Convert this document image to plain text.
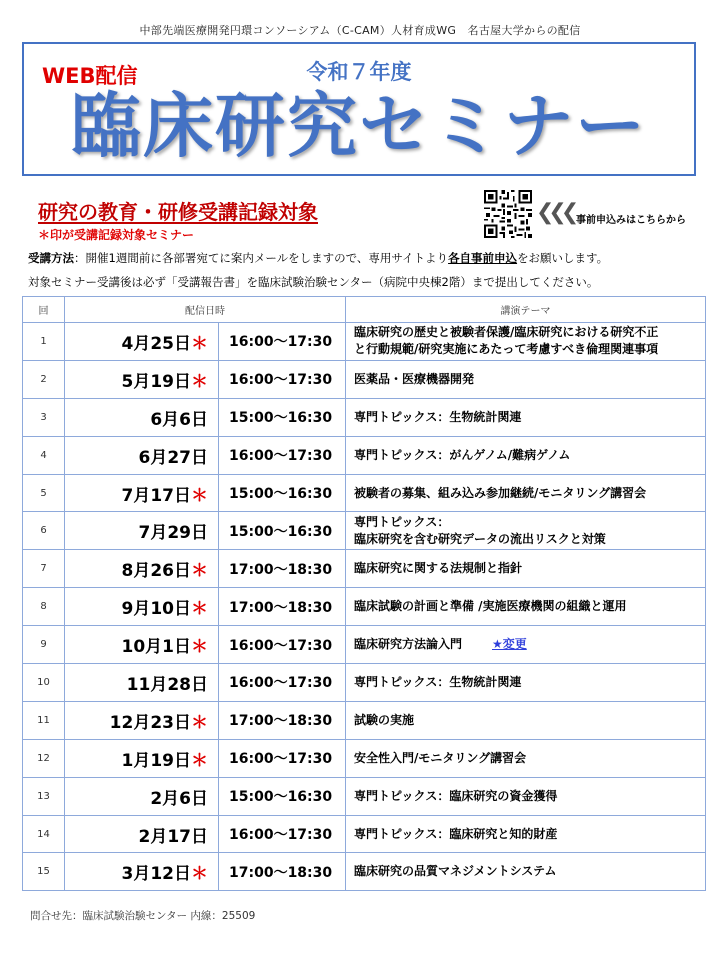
中部先端医療開発円環コンソーシアム（C-CAM）人材育成WG　名古屋大学からの配信
WEB配信	令和７年度
臨床研究セミナー
研究の教育・研修受講記録対象
＊印が受講記録対象セミナー
❮❮❮ 事前申込みはこちらから
受講方法：開催1週間前に各部署宛てに案内メールをしますので、専用サイトより各自事前申込をお願いします。
対象セミナー受講後は必ず「受講報告書」を臨床試験治験センター（病院中央棟2階）まで提出してください。
回	配信日時		講演テーマ
1	4月25日＊	16:00～17:30	臨床研究の歴史と被験者保護/臨床研究における研究不正
と行動規範/研究実施にあたって考慮すべき倫理関連事項
2	5月19日＊	16:00～17:30	医薬品・医療機器開発
3	6月6日	15:00～16:30	専門トピックス：生物統計関連
4	6月27日	16:00～17:30	専門トピックス：がんゲノム/難病ゲノム
5	7月17日＊	15:00～16:30	被験者の募集、組み込み参加継続/モニタリング講習会
6	7月29日	15:00～16:30	専門トピックス：
臨床研究を含む研究データの流出リスクと対策
7	8月26日＊	17:00～18:30	臨床研究に関する法規制と指針
8	9月10日＊	17:00～18:30	臨床試験の計画と準備 /実施医療機関の組織と運用
9	10月1日＊	16:00～17:30	臨床研究方法論入門 ★変更
10	11月28日	16:00～17:30	専門トピックス：生物統計関連
11	12月23日＊	17:00～18:30	試験の実施
12	1月19日＊	16:00～17:30	安全性入門/モニタリング講習会
13	2月6日	15:00～16:30	専門トピックス：臨床研究の資金獲得
14	2月17日	16:00～17:30	専門トピックス：臨床研究と知的財産
15	3月12日＊	17:00～18:30	臨床研究の品質マネジメントシステム
問合せ先：臨床試験治験センター 内線：25509
